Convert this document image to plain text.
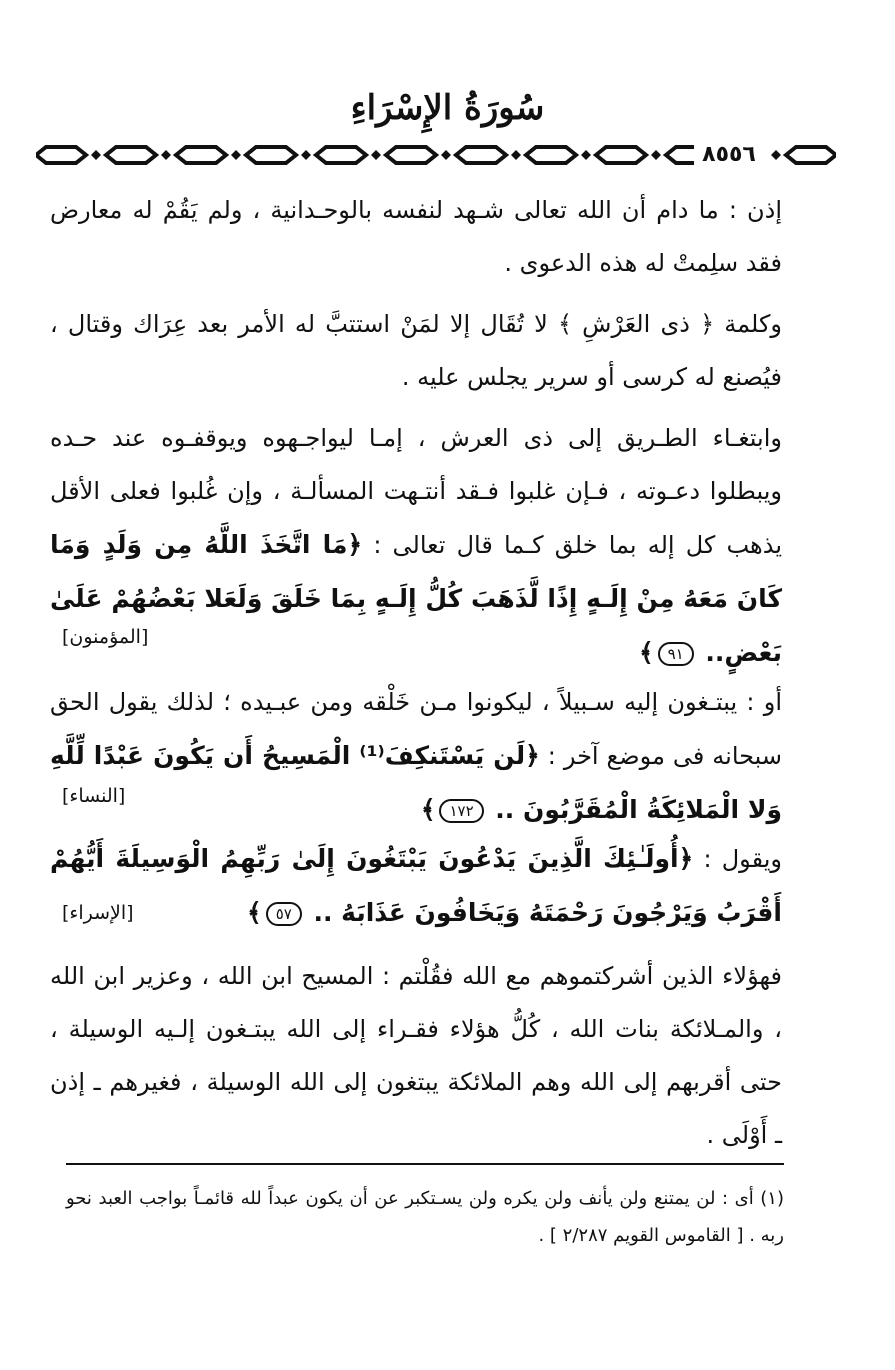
سُورَةُ الإِسْرَاءِ
٨٥٥٦

إذن : ما دام أن الله تعالى شـهد لنفسه بالوحـدانية ، ولم يَقُمْ له معارض فقد سلِمتْ له هذه الدعوى .

وكلمة ﴿ ذى العَرْشِ ﴾ لا تُقَال إلا لمَنْ استتبَّ له الأمر بعد عِرَاك وقتال ، فيُصنع له كرسى أو سرير يجلس عليه .

وابتغـاء الطـريق إلى ذى العرش ، إمـا ليواجـهوه ويوقفـوه عند حـده ويبطلوا دعـوته ، فـإن غلبوا فـقد أنتـهت المسألـة ، وإن غُلبوا فعلى الأقل يذهب كل إله بما خلق كـما قال تعالى : ﴿مَا اتَّخَذَ اللَّهُ مِن وَلَدٍ وَمَا كَانَ مَعَهُ مِنْ إِلَـهٍ إِذًا لَّذَهَبَ كُلُّ إِلَـهٍ بِمَا خَلَقَ وَلَعَلا بَعْضُهُمْ عَلَىٰ بَعْضٍ.. ٩١﴾

[المؤمنون]

أو : يبتـغون إليه سـبيلاً ، ليكونوا مـن خَلْقه ومن عبـيده ؛ لذلك يقول الحق سبحانه فى موضع آخر : ﴿لَن يَسْتَنكِفَ⁽¹⁾ الْمَسِيحُ أَن يَكُونَ عَبْدًا لِّلَّهِ وَلا الْمَلائِكَةُ الْمُقَرَّبُونَ .. ١٧٢﴾

[النساء]

ويقول : ﴿أُولَـٰئِكَ الَّذِينَ يَدْعُونَ يَبْتَغُونَ إِلَىٰ رَبِّهِمُ الْوَسِيلَةَ أَيُّهُمْ أَقْرَبُ وَيَرْجُونَ رَحْمَتَهُ وَيَخَافُونَ عَذَابَهُ .. ٥٧﴾

[الإسراء]

فهؤلاء الذين أشركتموهم مع الله فقُلْتم : المسيح ابن الله ، وعزير ابن الله ، والمـلائكة بنات الله ، كُلُّ هؤلاء فقـراء إلى الله يبتـغون إلـيه الوسيلة ، حتى أقربهم إلى الله وهم الملائكة يبتغون إلى الله الوسيلة ، فغيرهم ـ إذن ـ أَوْلَى .

(١) أى : لن يمتنع ولن يأنف ولن يكره ولن يسـتكبر عن أن يكون عبداً لله قائمـاً بواجب العبد نحو ربه . [ القاموس القويم ٢/٢٨٧ ] .
